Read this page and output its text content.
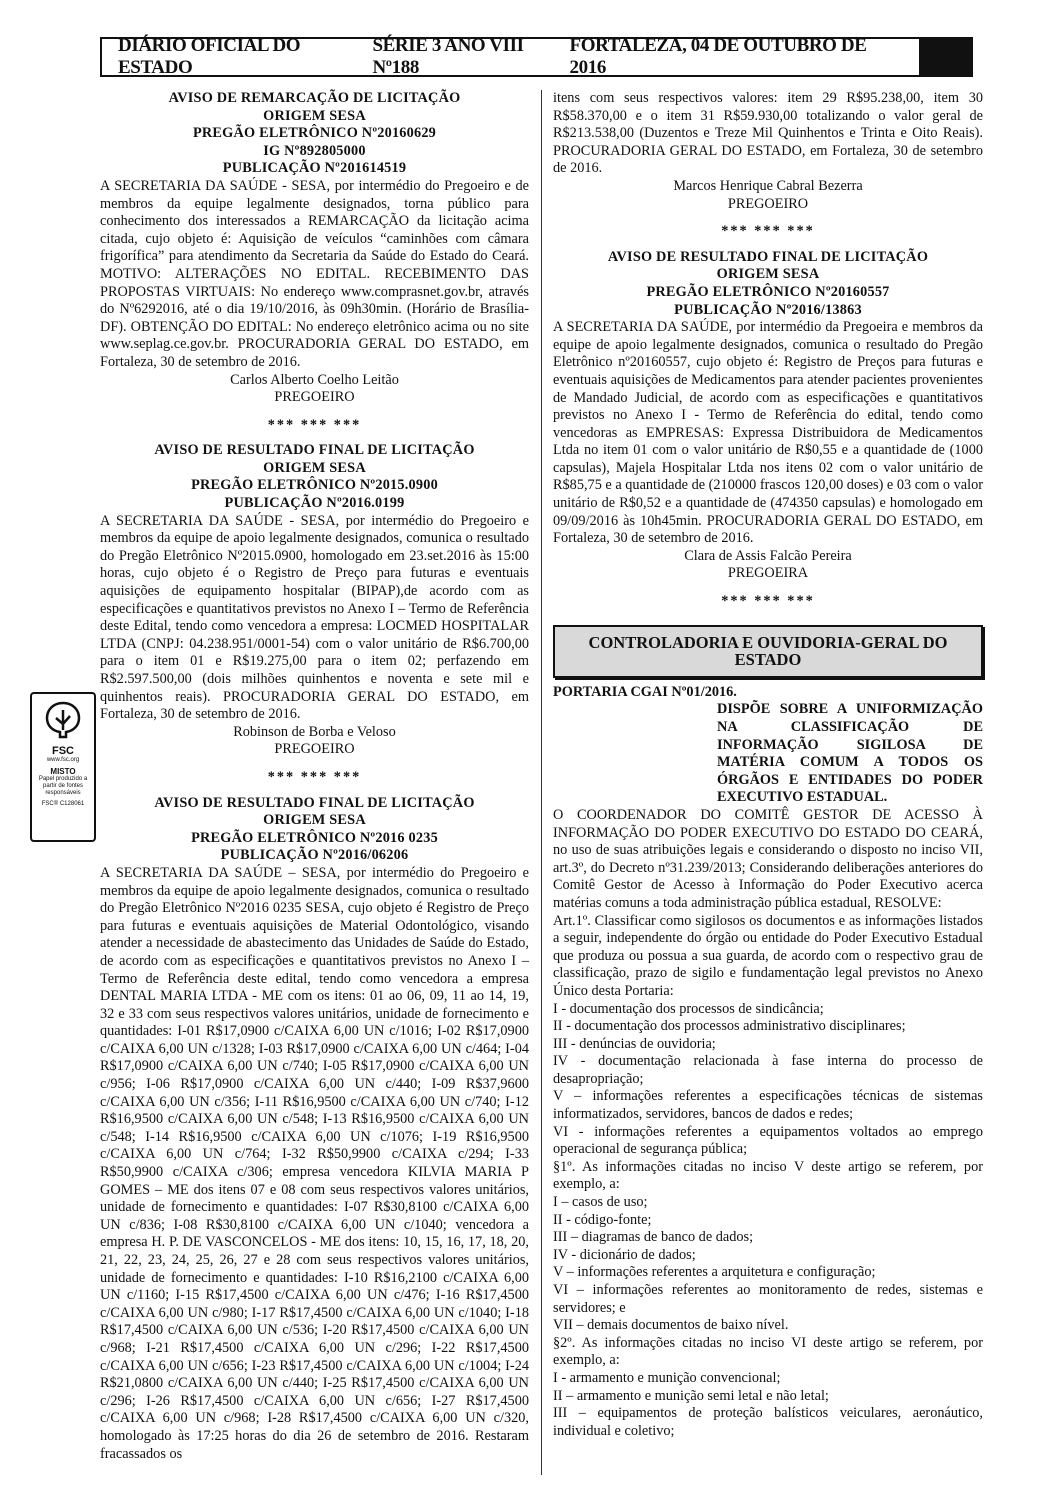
DIÁRIO OFICIAL DO ESTADO
SÉRIE 3 ANO VIII Nº188
FORTALEZA, 04 DE OUTUBRO DE 2016
FSC
www.fsc.org
MISTO
Papel produzido a partir de fontes responsáveis
FSC® C128061

AVISO DE REMARCAÇÃO DE LICITAÇÃO

ORIGEM SESA

PREGÃO ELETRÔNICO Nº20160629

IG Nº892805000

PUBLICAÇÃO Nº201614519

A SECRETARIA DA SAÚDE - SESA, por intermédio do Pregoeiro e de membros da equipe legalmente designados, torna público para conhecimento dos interessados a REMARCAÇÃO da licitação acima citada, cujo objeto é: Aquisição de veículos “caminhões com câmara frigorífica” para atendimento da Secretaria da Saúde do Estado do Ceará. MOTIVO: ALTERAÇÕES NO EDITAL. RECEBIMENTO DAS PROPOSTAS VIRTUAIS: No endereço www.comprasnet.gov.br, através do Nº6292016, até o dia 19/10/2016, às 09h30min. (Horário de Brasília-DF). OBTENÇÃO DO EDITAL: No endereço eletrônico acima ou no site www.seplag.ce.gov.br. PROCURADORIA GERAL DO ESTADO, em Fortaleza, 30 de setembro de 2016.

Carlos Alberto Coelho Leitão

PREGOEIRO

*** *** ***

AVISO DE RESULTADO FINAL DE LICITAÇÃO

ORIGEM SESA

PREGÃO ELETRÔNICO Nº2015.0900

PUBLICAÇÃO Nº2016.0199

A SECRETARIA DA SAÚDE - SESA, por intermédio do Pregoeiro e membros da equipe de apoio legalmente designados, comunica o resultado do Pregão Eletrônico Nº2015.0900, homologado em 23.set.2016 às 15:00 horas, cujo objeto é o Registro de Preço para futuras e eventuais aquisições de equipamento hospitalar (BIPAP),de acordo com as especificações e quantitativos previstos no Anexo I – Termo de Referência deste Edital, tendo como vencedora a empresa: LOCMED HOSPITALAR LTDA (CNPJ: 04.238.951/0001-54) com o valor unitário de R$6.700,00 para o item 01 e R$19.275,00 para o item 02; perfazendo em R$2.597.500,00 (dois milhões quinhentos e noventa e sete mil e quinhentos reais). PROCURADORIA GERAL DO ESTADO, em Fortaleza, 30 de setembro de 2016.

Robinson de Borba e Veloso

PREGOEIRO

*** *** ***

AVISO DE RESULTADO FINAL DE LICITAÇÃO

ORIGEM SESA

PREGÃO ELETRÔNICO Nº2016 0235

PUBLICAÇÃO Nº2016/06206

A SECRETARIA DA SAÚDE – SESA, por intermédio do Pregoeiro e membros da equipe de apoio legalmente designados, comunica o resultado do Pregão Eletrônico Nº2016 0235 SESA, cujo objeto é Registro de Preço para futuras e eventuais aquisições de Material Odontológico, visando atender a necessidade de abastecimento das Unidades de Saúde do Estado, de acordo com as especificações e quantitativos previstos no Anexo I – Termo de Referência deste edital, tendo como vencedora a empresa DENTAL MARIA LTDA - ME com os itens: 01 ao 06, 09, 11 ao 14, 19, 32 e 33 com seus respectivos valores unitários, unidade de fornecimento e quantidades: I-01 R$17,0900 c/CAIXA 6,00 UN c/1016; I-02 R$17,0900 c/CAIXA 6,00 UN c/1328; I-03 R$17,0900 c/CAIXA 6,00 UN c/464; I-04 R$17,0900 c/CAIXA 6,00 UN c/740; I-05 R$17,0900 c/CAIXA 6,00 UN c/956; I-06 R$17,0900 c/CAIXA 6,00 UN c/440; I-09 R$37,9600 c/CAIXA 6,00 UN c/356; I-11 R$16,9500 c/CAIXA 6,00 UN c/740; I-12 R$16,9500 c/CAIXA 6,00 UN c/548; I-13 R$16,9500 c/CAIXA 6,00 UN c/548; I-14 R$16,9500 c/CAIXA 6,00 UN c/1076; I-19 R$16,9500 c/CAIXA 6,00 UN c/764; I-32 R$50,9900 c/CAIXA c/294; I-33 R$50,9900 c/CAIXA c/306; empresa vencedora KILVIA MARIA P GOMES – ME dos itens 07 e 08 com seus respectivos valores unitários, unidade de fornecimento e quantidades: I-07 R$30,8100 c/CAIXA 6,00 UN c/836; I-08 R$30,8100 c/CAIXA 6,00 UN c/1040; vencedora a empresa H. P. DE VASCONCELOS - ME dos itens: 10, 15, 16, 17, 18, 20, 21, 22, 23, 24, 25, 26, 27 e 28 com seus respectivos valores unitários, unidade de fornecimento e quantidades: I-10 R$16,2100 c/CAIXA 6,00 UN c/1160; I-15 R$17,4500 c/CAIXA 6,00 UN c/476; I-16 R$17,4500 c/CAIXA 6,00 UN c/980; I-17 R$17,4500 c/CAIXA 6,00 UN c/1040; I-18 R$17,4500 c/CAIXA 6,00 UN c/536; I-20 R$17,4500 c/CAIXA 6,00 UN c/968; I-21 R$17,4500 c/CAIXA 6,00 UN c/296; I-22 R$17,4500 c/CAIXA 6,00 UN c/656; I-23 R$17,4500 c/CAIXA 6,00 UN c/1004; I-24 R$21,0800 c/CAIXA 6,00 UN c/440; I-25 R$17,4500 c/CAIXA 6,00 UN c/296; I-26 R$17,4500 c/CAIXA 6,00 UN c/656; I-27 R$17,4500 c/CAIXA 6,00 UN c/968; I-28 R$17,4500 c/CAIXA 6,00 UN c/320, homologado às 17:25 horas do dia 26 de setembro de 2016. Restaram fracassados os

itens com seus respectivos valores: item 29 R$95.238,00, item 30 R$58.370,00 e o item 31 R$59.930,00 totalizando o valor geral de R$213.538,00 (Duzentos e Treze Mil Quinhentos e Trinta e Oito Reais). PROCURADORIA GERAL DO ESTADO, em Fortaleza, 30 de setembro de 2016.

Marcos Henrique Cabral Bezerra

PREGOEIRO

*** *** ***

AVISO DE RESULTADO FINAL DE LICITAÇÃO

ORIGEM SESA

PREGÃO ELETRÔNICO Nº20160557

PUBLICAÇÃO Nº2016/13863

A SECRETARIA DA SAÚDE, por intermédio da Pregoeira e membros da equipe de apoio legalmente designados, comunica o resultado do Pregão Eletrônico nº20160557, cujo objeto é: Registro de Preços para futuras e eventuais aquisições de Medicamentos para atender pacientes provenientes de Mandado Judicial, de acordo com as especificações e quantitativos previstos no Anexo I - Termo de Referência do edital, tendo como vencedoras as EMPRESAS: Expressa Distribuidora de Medicamentos Ltda no item 01 com o valor unitário de R$0,55 e a quantidade de (1000 capsulas), Majela Hospitalar Ltda nos itens 02 com o valor unitário de R$85,75 e a quantidade de (210000 frascos 120,00 doses) e 03 com o valor unitário de R$0,52 e a quantidade de (474350 capsulas) e homologado em 09/09/2016 às 10h45min. PROCURADORIA GERAL DO ESTADO, em Fortaleza, 30 de setembro de 2016.

Clara de Assis Falcão Pereira

PREGOEIRA

*** *** ***

CONTROLADORIA E OUVIDORIA-GERAL DO ESTADO

PORTARIA CGAI Nº01/2016.

DISPÕE SOBRE A UNIFORMIZAÇÃO NA CLASSIFICAÇÃO DE INFORMAÇÃO SIGILOSA DE MATÉRIA COMUM A TODOS OS ÓRGÃOS E ENTIDADES DO PODER EXECUTIVO ESTADUAL.

O COORDENADOR DO COMITÊ GESTOR DE ACESSO À INFORMAÇÃO DO PODER EXECUTIVO DO ESTADO DO CEARÁ, no uso de suas atribuições legais e considerando o disposto no inciso VII, art.3º, do Decreto nº31.239/2013; Considerando deliberações anteriores do Comitê Gestor de Acesso à Informação do Poder Executivo acerca matérias comuns a toda administração pública estadual, RESOLVE:

Art.1º. Classificar como sigilosos os documentos e as informações listados a seguir, independente do órgão ou entidade do Poder Executivo Estadual que produza ou possua a sua guarda, de acordo com o respectivo grau de classificação, prazo de sigilo e fundamentação legal previstos no Anexo Único desta Portaria:

I - documentação dos processos de sindicância;

II - documentação dos processos administrativo disciplinares;

III - denúncias de ouvidoria;

IV - documentação relacionada à fase interna do processo de desapropriação;

V – informações referentes a especificações técnicas de sistemas informatizados, servidores, bancos de dados e redes;

VI - informações referentes a equipamentos voltados ao emprego operacional de segurança pública;

§1º. As informações citadas no inciso V deste artigo se referem, por exemplo, a:

I – casos de uso;

II - código-fonte;

III – diagramas de banco de dados;

IV - dicionário de dados;

V – informações referentes a arquitetura e configuração;

VI – informações referentes ao monitoramento de redes, sistemas e servidores; e

VII – demais documentos de baixo nível.

§2º. As informações citadas no inciso VI deste artigo se referem, por exemplo, a:

I - armamento e munição convencional;

II – armamento e munição semi letal e não letal;

III – equipamentos de proteção balísticos veiculares, aeronáutico, individual e coletivo;
